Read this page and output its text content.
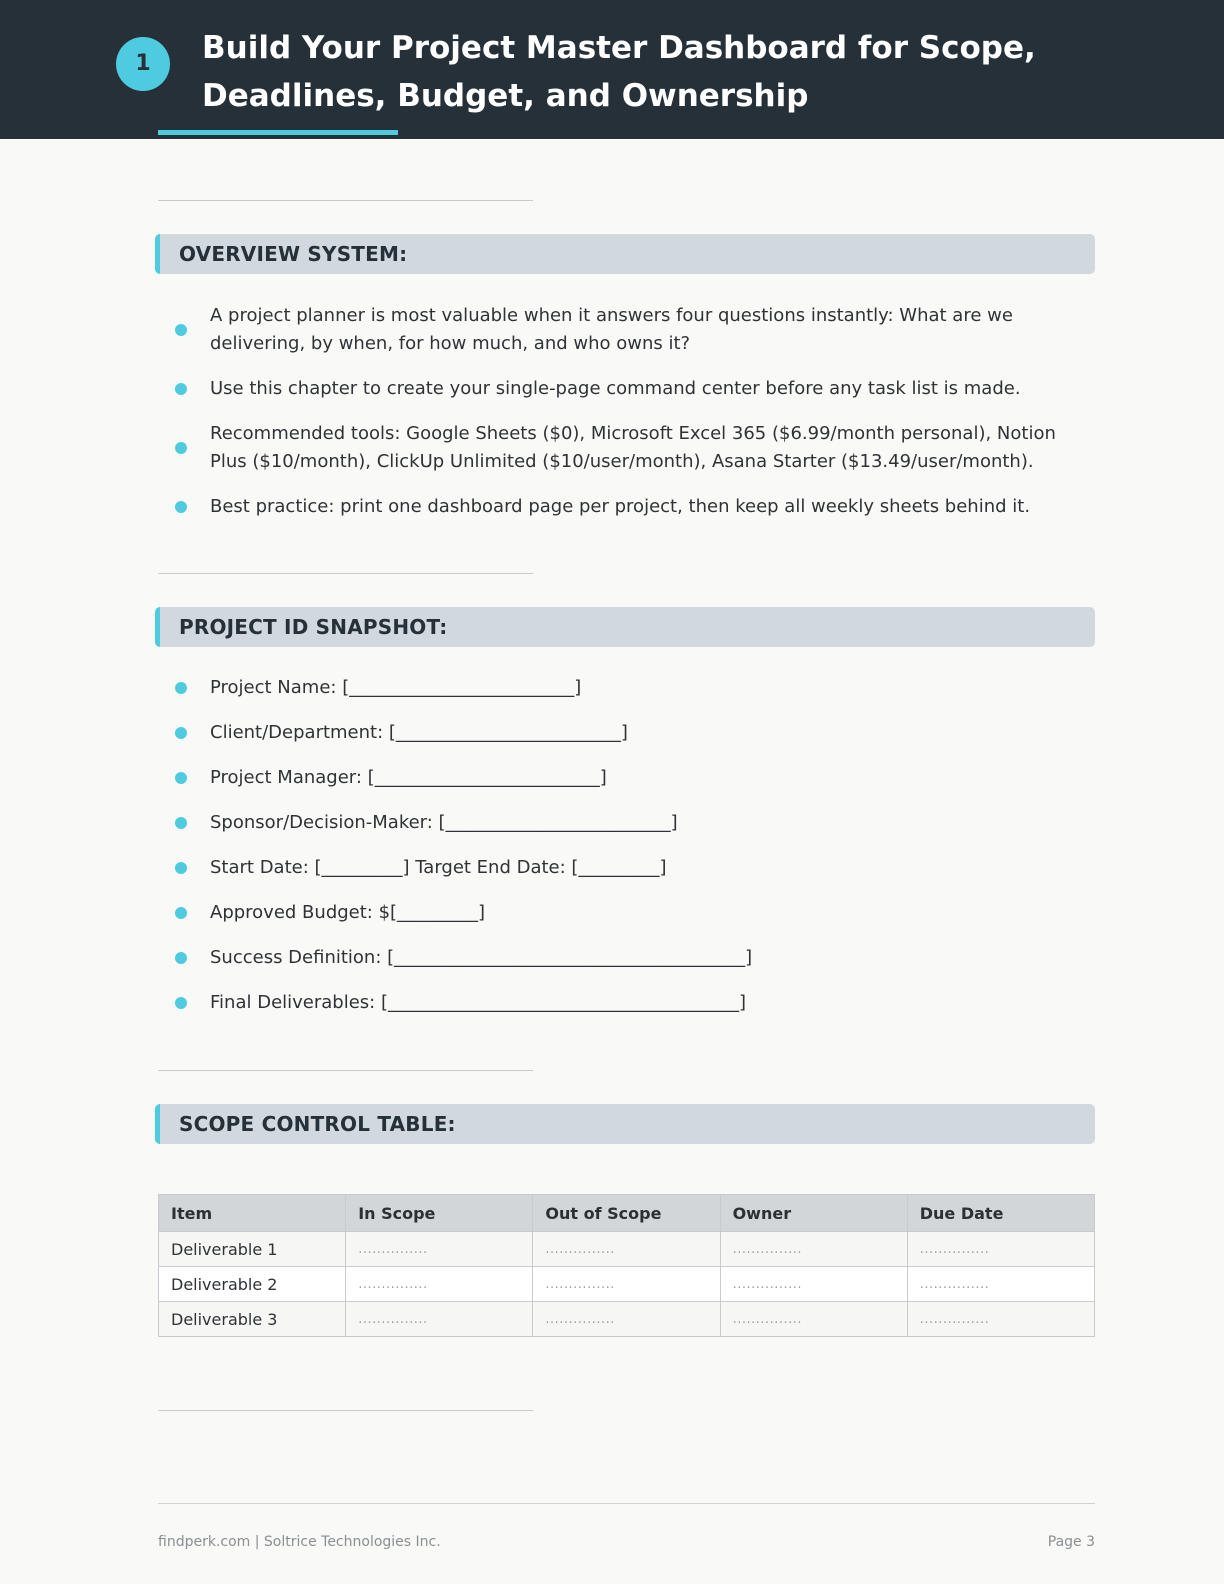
1	Build Your Project Master Dashboard for Scope, Deadlines, Budget, and Ownership
OVERVIEW SYSTEM:
A project planner is most valuable when it answers four questions instantly: What are we delivering, by when, for how much, and who owns it?
Use this chapter to create your single-page command center before any task list is made.
Recommended tools: Google Sheets ($0), Microsoft Excel 365 ($6.99/month personal), Notion Plus ($10/month), ClickUp Unlimited ($10/user/month), Asana Starter ($13.49/user/month).
Best practice: print one dashboard page per project, then keep all weekly sheets behind it.
PROJECT ID SNAPSHOT:
Project Name: [_________________________]
Client/Department: [_________________________]
Project Manager: [_________________________]
Sponsor/Decision-Maker: [_________________________]
Start Date: [_________] Target End Date: [_________]
Approved Budget: $[_________]
Success Definition: [_______________________________________]
Final Deliverables: [_______________________________________]
SCOPE CONTROL TABLE:
Item	In Scope	Out of Scope	Owner	Due Date
Deliverable 1	...............	...............	...............	...............
Deliverable 2	...............	...............	...............	...............
Deliverable 3	...............	...............	...............	...............
findperk.com | Soltrice Technologies Inc.	Page 3
